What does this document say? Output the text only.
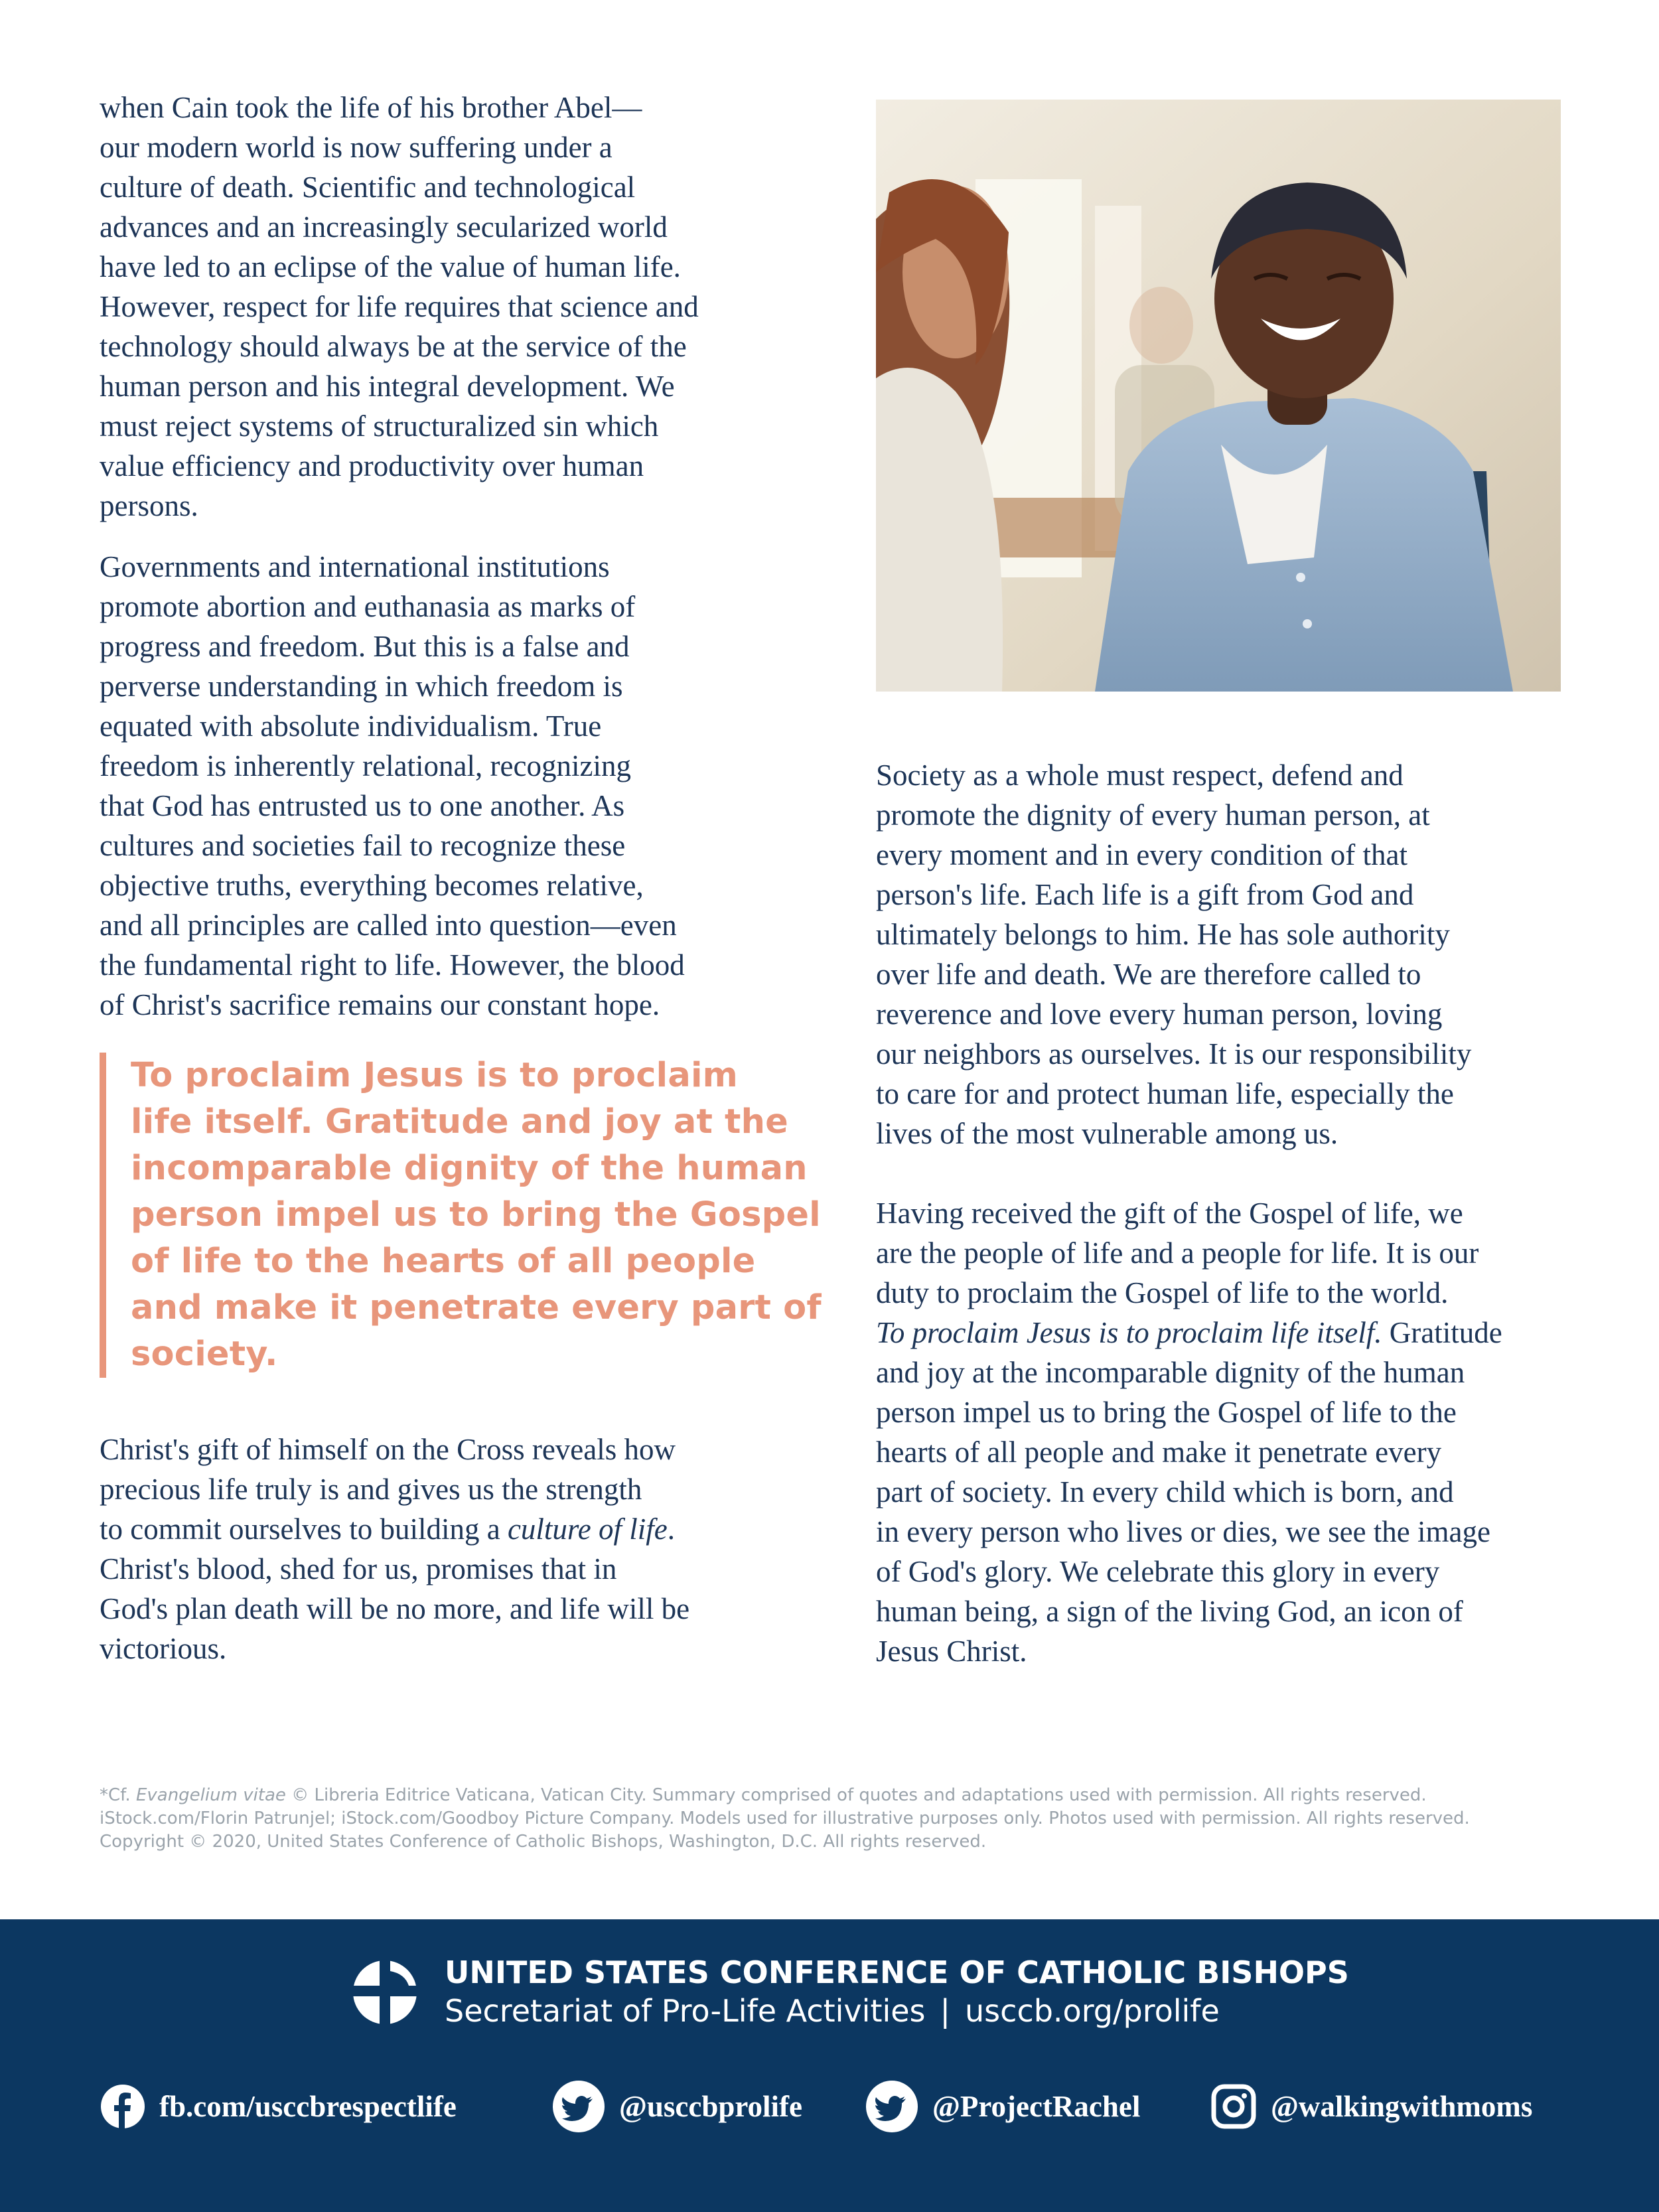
when Cain took the life of his brother Abel—

our modern world is now suffering under a

culture of death. Scientific and technological

advances and an increasingly secularized world

have led to an eclipse of the value of human life.

However, respect for life requires that science and

technology should always be at the service of the

human person and his integral development. We

must reject systems of structuralized sin which

value efficiency and productivity over human

persons.

Governments and international institutions

promote abortion and euthanasia as marks of

progress and freedom. But this is a false and

perverse understanding in which freedom is

equated with absolute individualism. True

freedom is inherently relational, recognizing

that God has entrusted us to one another. As

cultures and societies fail to recognize these

objective truths, everything becomes relative,

and all principles are called into question—even

the fundamental right to life. However, the blood

of Christ's sacrifice remains our constant hope.

To proclaim Jesus is to proclaim

life itself. Gratitude and joy at the

incomparable dignity of the human

person impel us to bring the Gospel

of life to the hearts of all people

and make it penetrate every part of

society.

Christ's gift of himself on the Cross reveals how

precious life truly is and gives us the strength

to commit ourselves to building a culture of life.

Christ's blood, shed for us, promises that in

God's plan death will be no more, and life will be

victorious.

Society as a whole must respect, defend and

promote the dignity of every human person, at

every moment and in every condition of that

person's life. Each life is a gift from God and

ultimately belongs to him. He has sole authority

over life and death. We are therefore called to

reverence and love every human person, loving

our neighbors as ourselves. It is our responsibility

to care for and protect human life, especially the

lives of the most vulnerable among us.

Having received the gift of the Gospel of life, we

are the people of life and a people for life. It is our

duty to proclaim the Gospel of life to the world.

To proclaim Jesus is to proclaim life itself. Gratitude

and joy at the incomparable dignity of the human

person impel us to bring the Gospel of life to the

hearts of all people and make it penetrate every

part of society. In every child which is born, and

in every person who lives or dies, we see the image

of God's glory. We celebrate this glory in every

human being, a sign of the living God, an icon of

Jesus Christ.

*Cf. Evangelium vitae © Libreria Editrice Vaticana, Vatican City. Summary comprised of quotes and adaptations used with permission. All rights reserved.

iStock.com/Florin Patrunjel; iStock.com/Goodboy Picture Company. Models used for illustrative purposes only. Photos used with permission. All rights reserved.

Copyright © 2020, United States Conference of Catholic Bishops, Washington, D.C. All rights reserved.

UNITED STATES CONFERENCE OF CATHOLIC BISHOPS
Secretariat of Pro-Life Activities | usccb.org/prolife
fb.com/usccbrespectlife	@usccbprolife	@ProjectRachel	@walkingwithmoms
